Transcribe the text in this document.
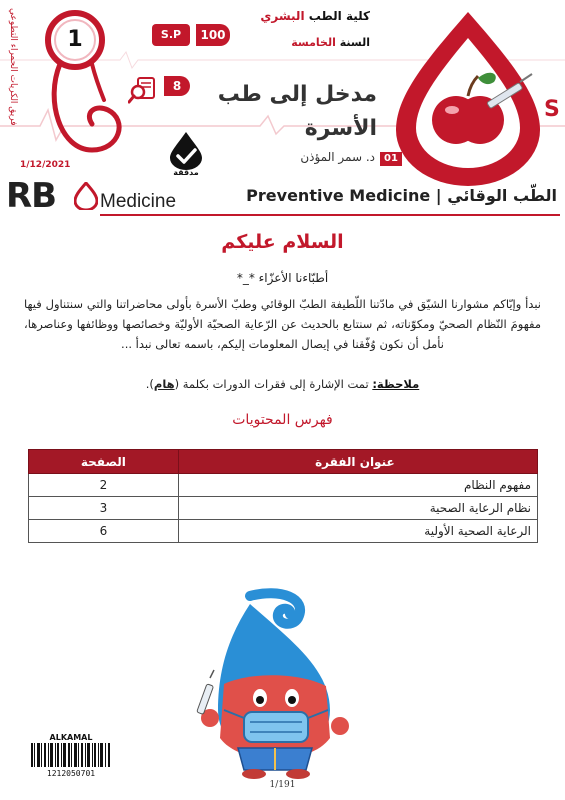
1
فريق الكريات الحمراء التطوعي	S.P	100
8
كلية الطب البشري
السنة الخامسة
مدخل إلى طب
الأسرة
01
د. سمر المؤذن
مدققة
1/12/2021
RB Medicine	Preventive Medicine | الطّب الوقائي
S
السلام عليكم
أطبّاءنا الأعزّاء *_*
نبدأ وإيّاكم مشوارنا الشيّق في مادّتنا اللّطيفة الطبّ الوقائي وطبّ الأسرة بأولى محاضراتنا والتي سنتناول فيها مفهومَ النّظام الصحيّ ومكوّناته، ثم سنتابع بالحديث عن الرّعاية الصحيّة الأوليّة وخصائصها ووظائفها وعناصرها، نأمل أن نكون وُفّقنا في إيصال المعلومات إليكم، باسمه تعالى نبدأ ...
ملاحظة: تمت الإشارة إلى فقرات الدورات بكلمة (هام).
فهرس المحتويات
عنوان الفقرة	الصفحة
مفهوم النظام	2
نظام الرعاية الصحية	3
الرعاية الصحية الأولية	6
ALKAMAL
1212050701
1/191
